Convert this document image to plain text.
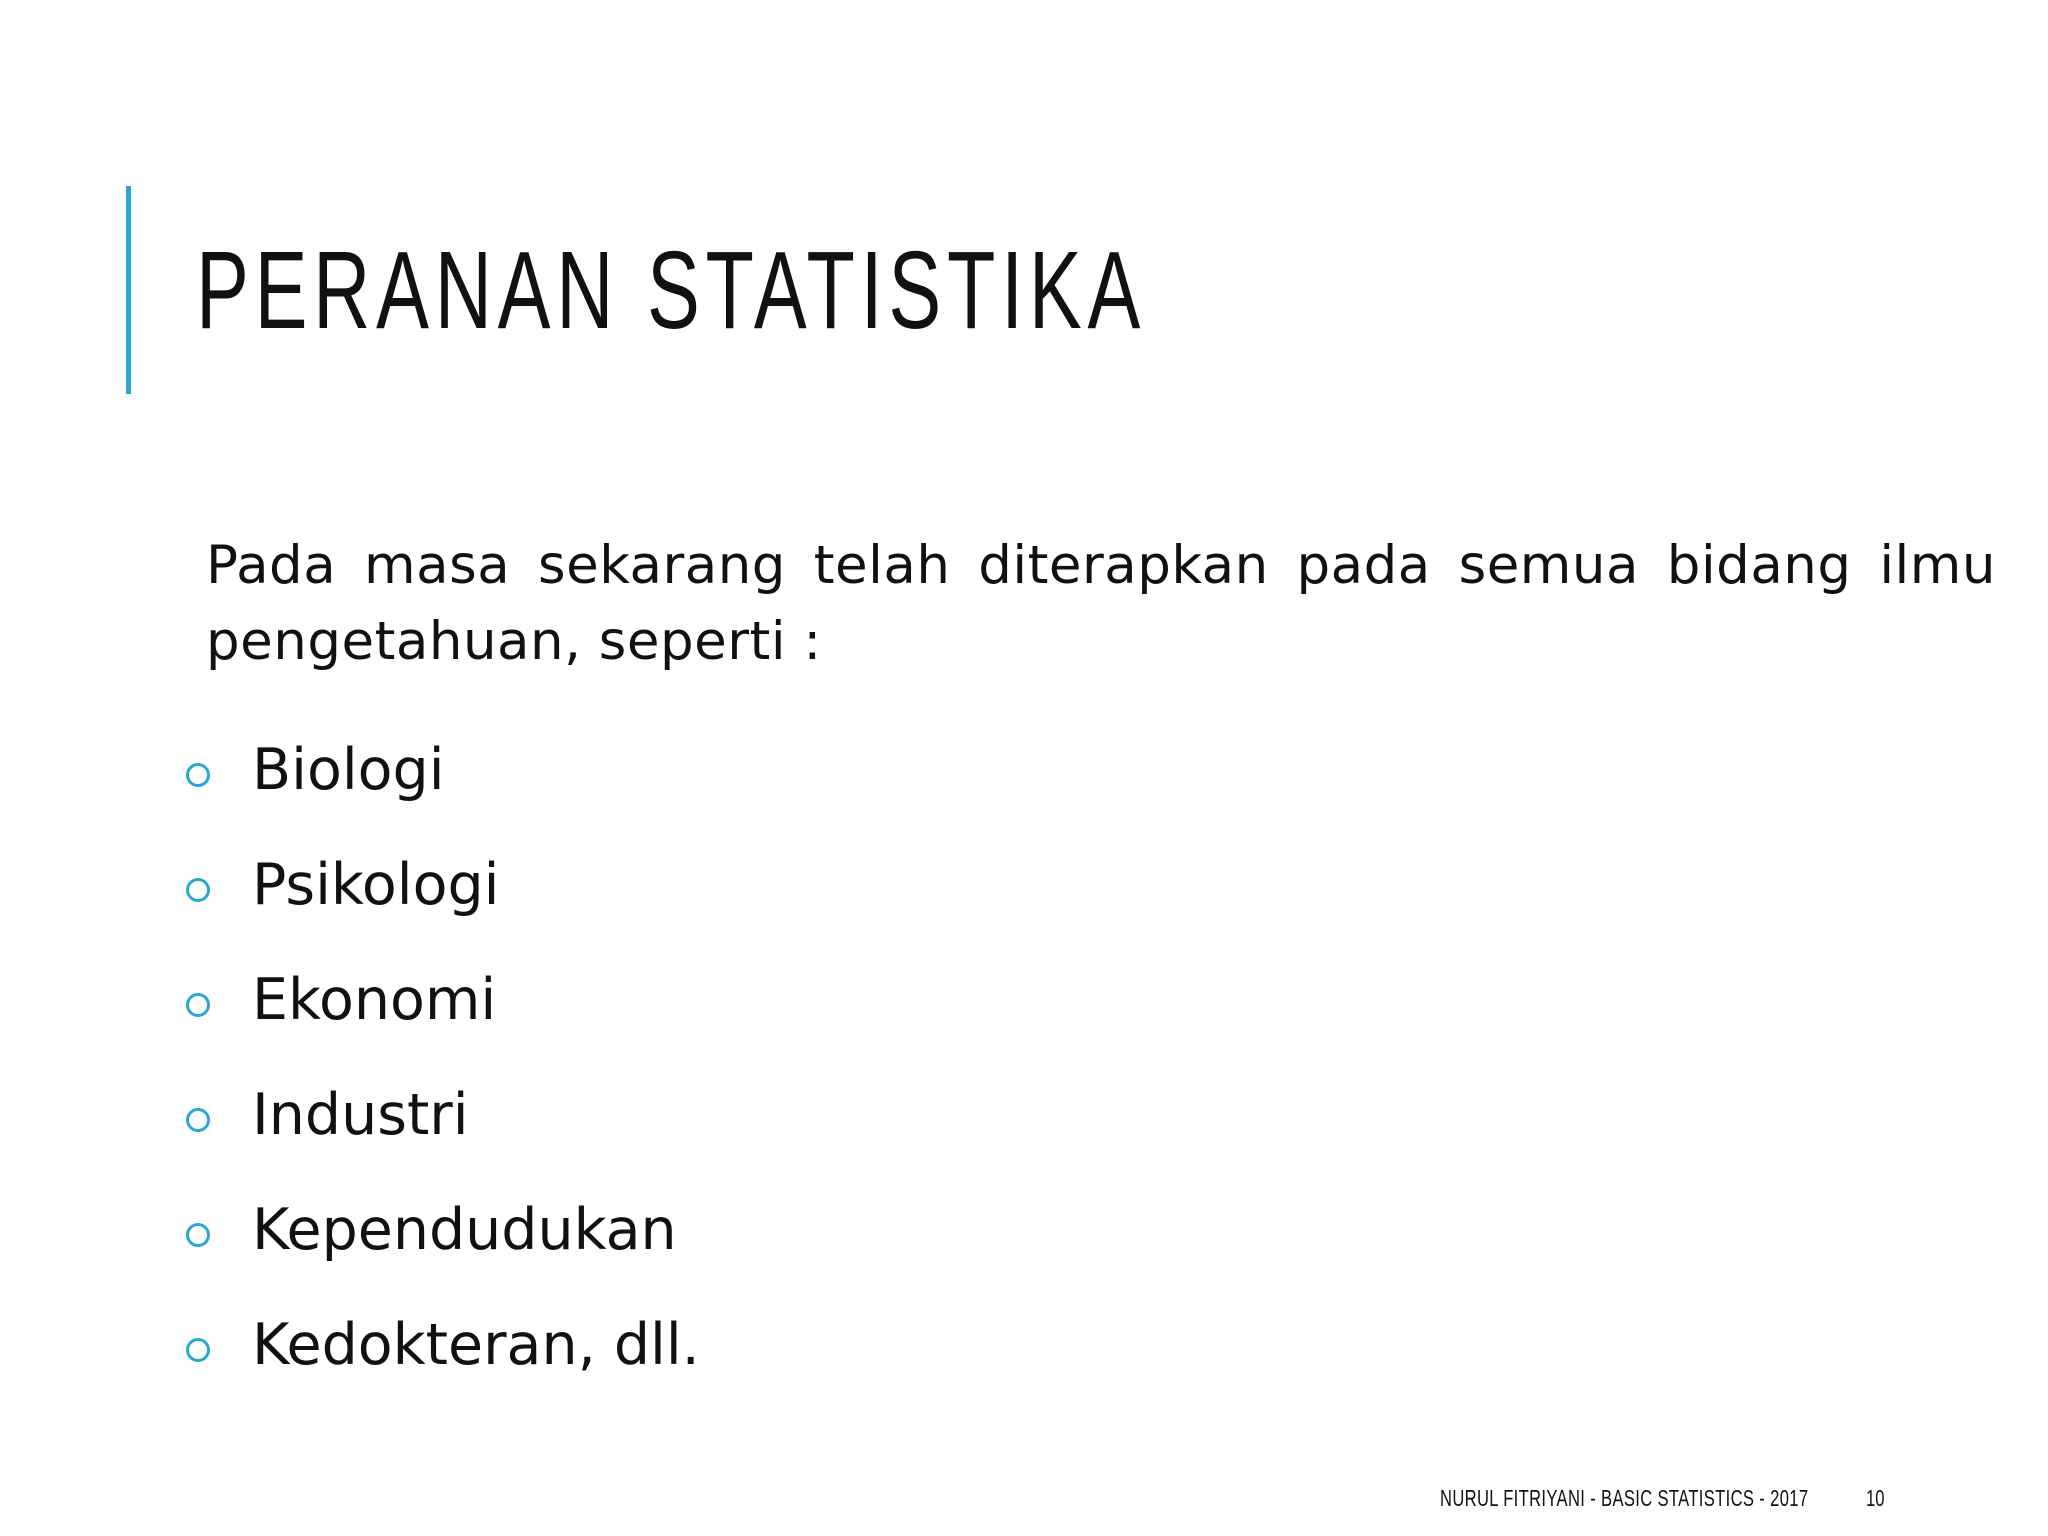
PERANAN STATISTIKA

Pada masa sekarang telah diterapkan pada semua bidang ilmu pengetahuan, seperti :

Biologi
Psikologi
Ekonomi
Industri
Kependudukan
Kedokteran, dll.
NURUL FITRIYANI - BASIC STATISTICS - 2017	10
